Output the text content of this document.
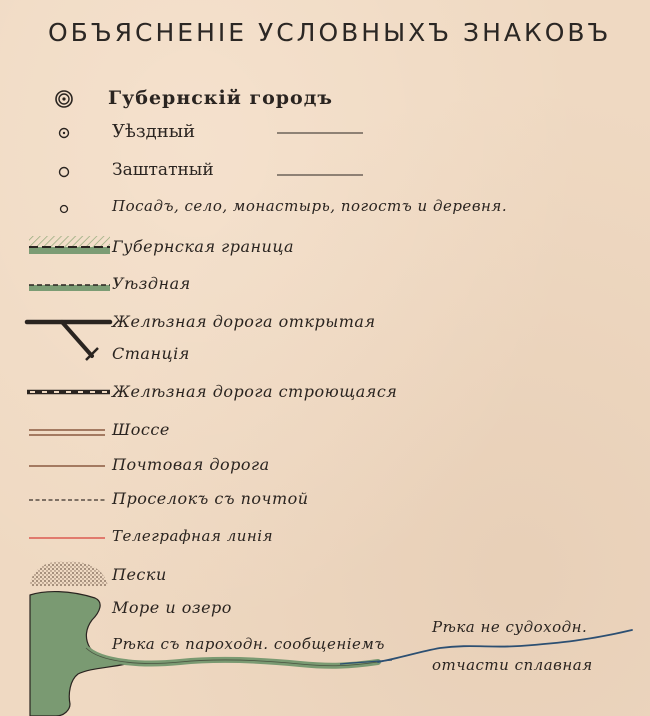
ОБЪЯСНЕНІЕ УСЛОВНЫХЪ ЗНАКОВЪ
Губернскій городъ
Уѣздный
Заштатный
Посадъ, село, монастырь, погостъ и деревня.
Губернская граница
Уѣздная
Желѣзная дорога открытая
Станція
Желѣзная дорога строющаяся
Шоссе
Почтовая дорога
Проселокъ съ почтой
Телеграфная линія
Пески
Море и озеро
Рѣка съ пароходн. сообщеніемъ
Рѣка не судоходн.
отчасти сплавная
